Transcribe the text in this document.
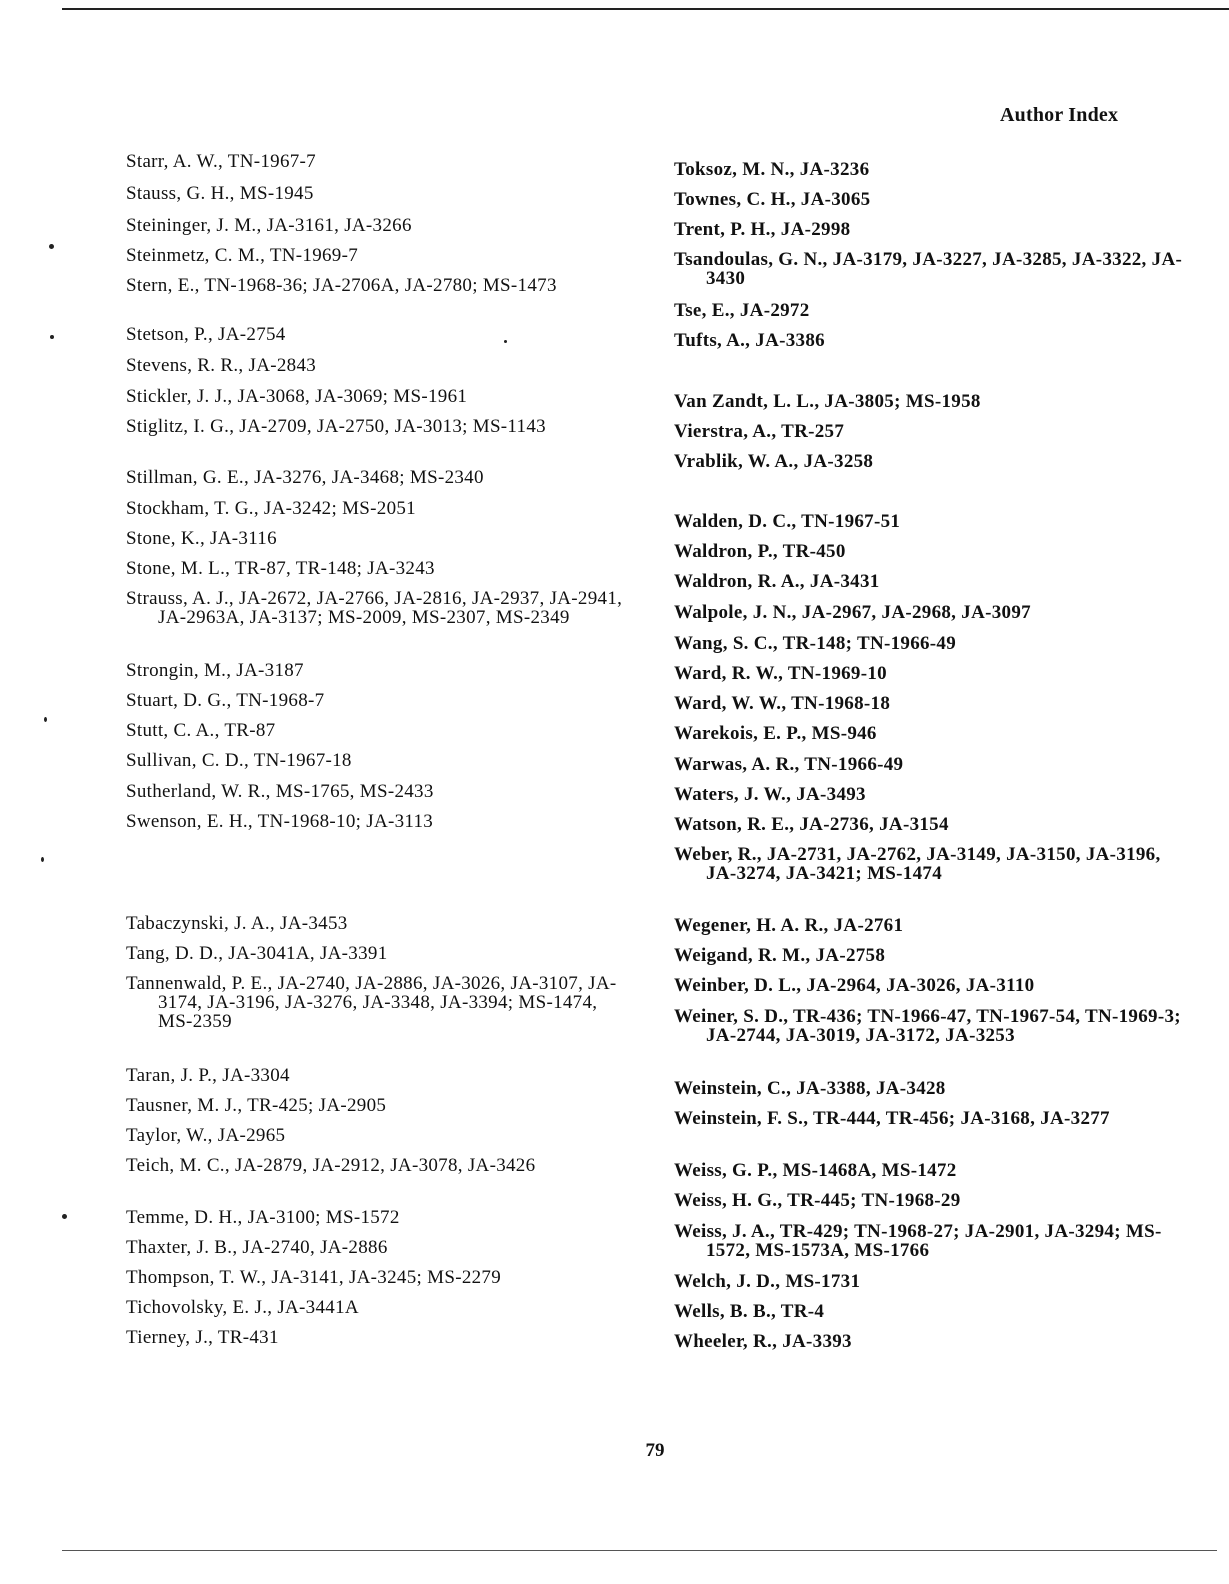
Author Index

Starr, A. W., TN-1967-7

Stauss, G. H., MS-1945

Steininger, J. M., JA-3161, JA-3266

Steinmetz, C. M., TN-1969-7

Stern, E., TN-1968-36; JA-2706A, JA-2780; MS-1473

Stetson, P., JA-2754

Stevens, R. R., JA-2843

Stickler, J. J., JA-3068, JA-3069; MS-1961

Stiglitz, I. G., JA-2709, JA-2750, JA-3013; MS-1143

Stillman, G. E., JA-3276, JA-3468; MS-2340

Stockham, T. G., JA-3242; MS-2051

Stone, K., JA-3116

Stone, M. L., TR-87, TR-148; JA-3243

Strauss, A. J., JA-2672, JA-2766, JA-2816, JA-2937, JA-2941, JA-2963A, JA-3137; MS-2009, MS-2307, MS-2349

Strongin, M., JA-3187

Stuart, D. G., TN-1968-7

Stutt, C. A., TR-87

Sullivan, C. D., TN-1967-18

Sutherland, W. R., MS-1765, MS-2433

Swenson, E. H., TN-1968-10; JA-3113

Tabaczynski, J. A., JA-3453

Tang, D. D., JA-3041A, JA-3391

Tannenwald, P. E., JA-2740, JA-2886, JA-3026, JA-3107, JA-3174, JA-3196, JA-3276, JA-3348, JA-3394; MS-1474, MS-2359

Taran, J. P., JA-3304

Tausner, M. J., TR-425; JA-2905

Taylor, W., JA-2965

Teich, M. C., JA-2879, JA-2912, JA-3078, JA-3426

Temme, D. H., JA-3100; MS-1572

Thaxter, J. B., JA-2740, JA-2886

Thompson, T. W., JA-3141, JA-3245; MS-2279

Tichovolsky, E. J., JA-3441A

Tierney, J., TR-431

Toksoz, M. N., JA-3236

Townes, C. H., JA-3065

Trent, P. H., JA-2998

Tsandoulas, G. N., JA-3179, JA-3227, JA-3285, JA-3322, JA-3430

Tse, E., JA-2972

Tufts, A., JA-3386

Van Zandt, L. L., JA-3805; MS-1958

Vierstra, A., TR-257

Vrablik, W. A., JA-3258

Walden, D. C., TN-1967-51

Waldron, P., TR-450

Waldron, R. A., JA-3431

Walpole, J. N., JA-2967, JA-2968, JA-3097

Wang, S. C., TR-148; TN-1966-49

Ward, R. W., TN-1969-10

Ward, W. W., TN-1968-18

Warekois, E. P., MS-946

Warwas, A. R., TN-1966-49

Waters, J. W., JA-3493

Watson, R. E., JA-2736, JA-3154

Weber, R., JA-2731, JA-2762, JA-3149, JA-3150, JA-3196, JA-3274, JA-3421; MS-1474

Wegener, H. A. R., JA-2761

Weigand, R. M., JA-2758

Weinber, D. L., JA-2964, JA-3026, JA-3110

Weiner, S. D., TR-436; TN-1966-47, TN-1967-54, TN-1969-3; JA-2744, JA-3019, JA-3172, JA-3253

Weinstein, C., JA-3388, JA-3428

Weinstein, F. S., TR-444, TR-456; JA-3168, JA-3277

Weiss, G. P., MS-1468A, MS-1472

Weiss, H. G., TR-445; TN-1968-29

Weiss, J. A., TR-429; TN-1968-27; JA-2901, JA-3294; MS-1572, MS-1573A, MS-1766

Welch, J. D., MS-1731

Wells, B. B., TR-4

Wheeler, R., JA-3393

79
